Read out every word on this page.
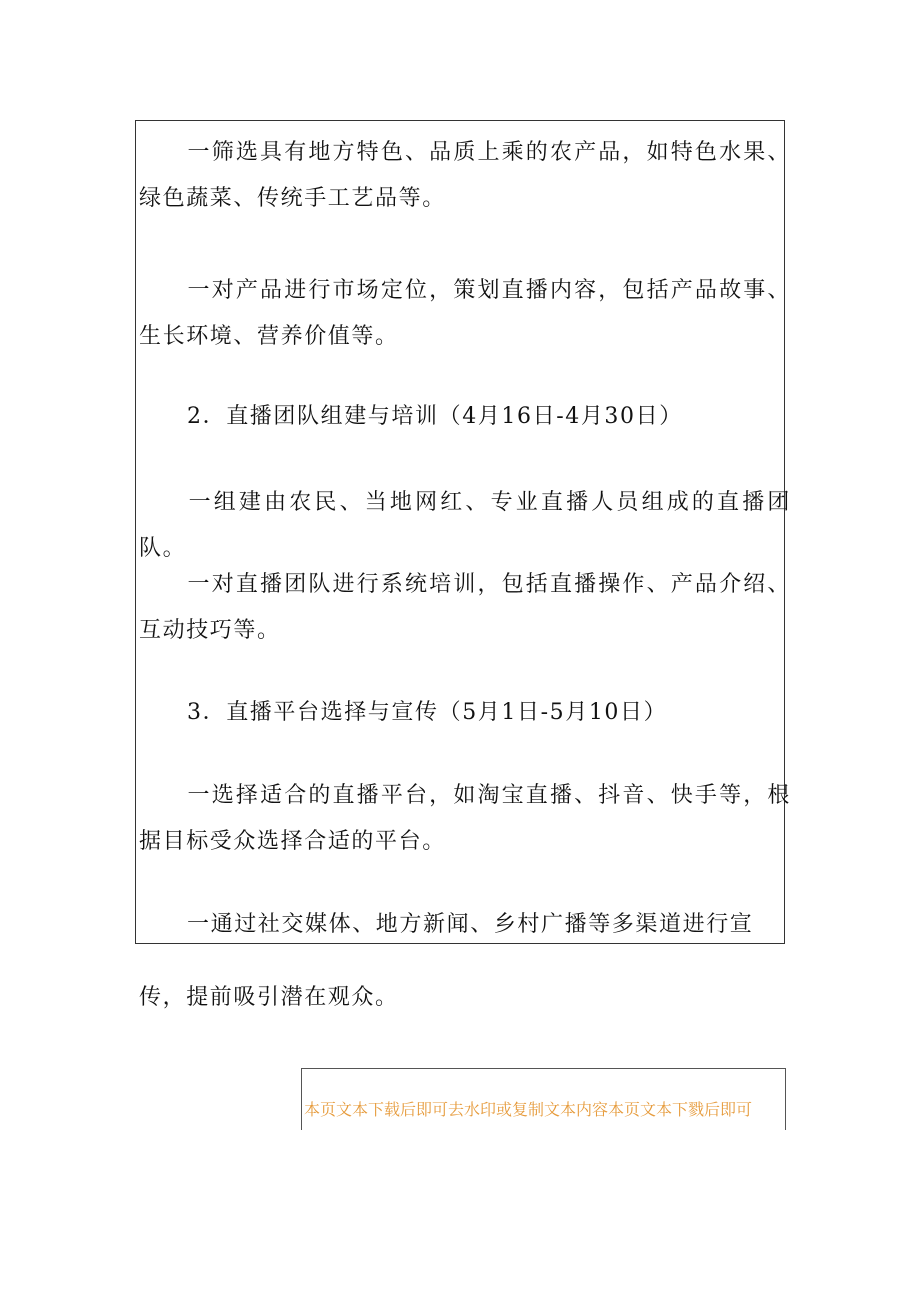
一筛选具有地方特色、品质上乘的农产品，如特色水果、绿色蔬菜、传统手工艺品等。

一对产品进行市场定位，策划直播内容，包括产品故事、生长环境、营养价值等。

2．直播团队组建与培训（4月16日-4月30日）

一组建由农民、当地网红、专业直播人员组成的直播团队。

一对直播团队进行系统培训，包括直播操作、产品介绍、互动技巧等。

3．直播平台选择与宣传（5月1日-5月10日）

一选择适合的直播平台，如淘宝直播、抖音、快手等，根据目标受众选择合适的平台。

一通过社交媒体、地方新闻、乡村广播等多渠道进行宣

传，提前吸引潜在观众。

本页文本下载后即可去水印或复制文本内容本页文本下戮后即可
